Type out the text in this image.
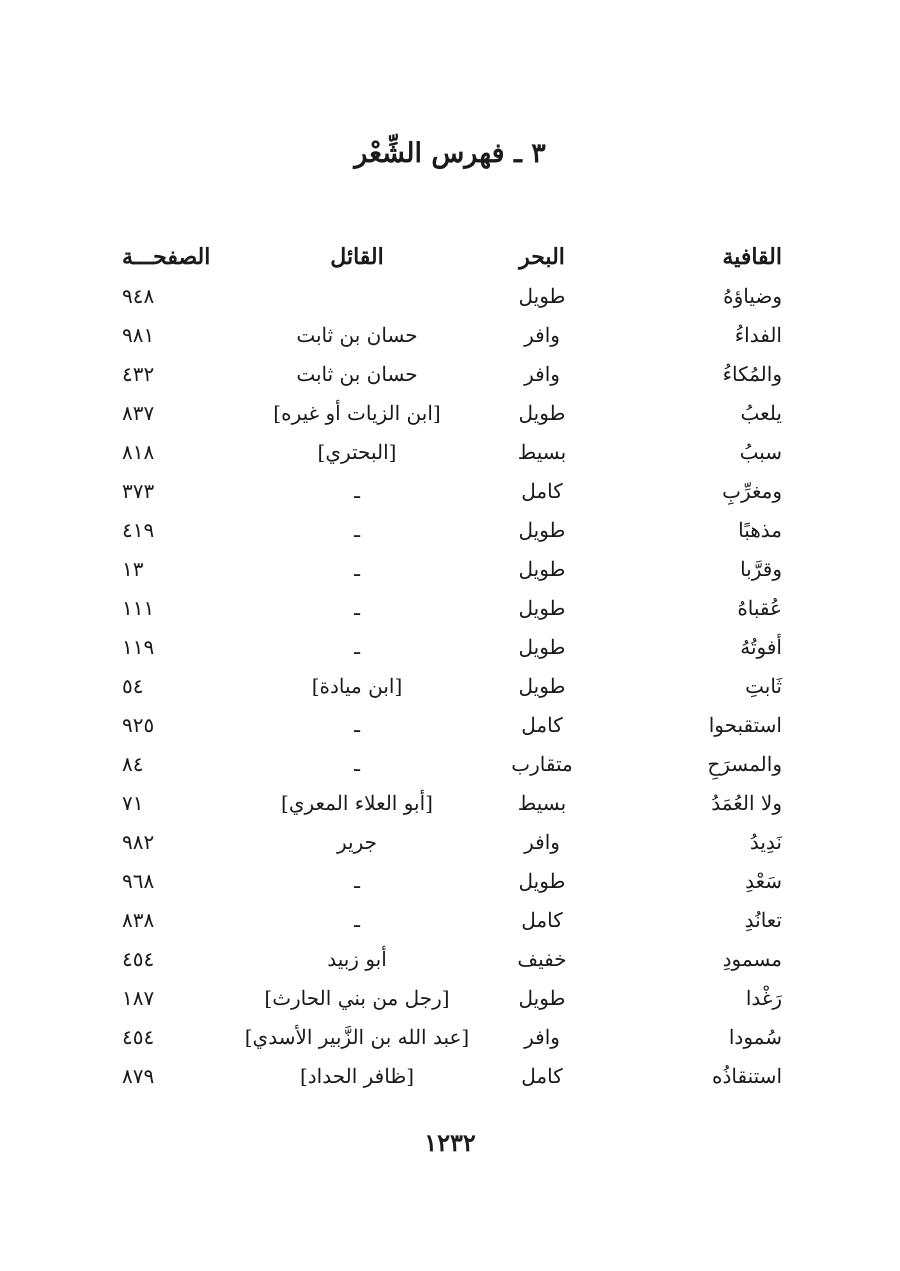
٣ ـ فهرس الشِّعْر
القافية	البحر	القائل	الصفحـــة
وضياؤهُ	طويل		٩٤٨
الفداءُ	وافر	حسان بن ثابت	٩٨١
والمُكاءُ	وافر	حسان بن ثابت	٤٣٢
يلعبُ	طويل	[ابن الزيات أو غيره]	٨٣٧
سببُ	بسيط	[البحتري]	٨١٨
ومغرِّبِ	كامل	ـ	٣٧٣
مذهبًا	طويل	ـ	٤١٩
وقرَّبا	طويل	ـ	١٣
عُقباهُ	طويل	ـ	١١١
أفوتُهُ	طويل	ـ	١١٩
ثَابتِ	طويل	[ابن ميادة]	٥٤
استقبحوا	كامل	ـ	٩٢٥
والمسرَحِ	متقارب	ـ	٨٤
ولا العُمَدُ	بسيط	[أبو العلاء المعري]	٧١
نَدِيدُ	وافر	جرير	٩٨٢
سَعْدِ	طويل	ـ	٩٦٨
تعانُدِ	كامل	ـ	٨٣٨
مسمودِ	خفيف	أبو زبيد	٤٥٤
رَغْدا	طويل	[رجل من بني الحارث]	١٨٧
سُمودا	وافر	[عبد الله بن الزَّبير الأسدي]	٤٥٤
استنقاذُه	كامل	[ظافر الحداد]	٨٧٩
١٢٣٢
